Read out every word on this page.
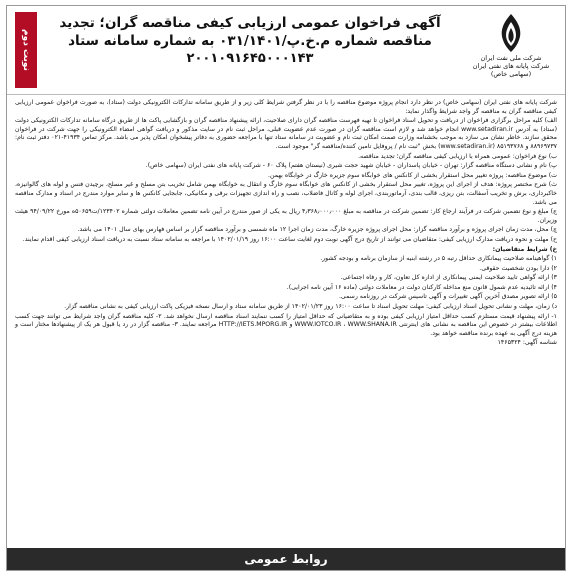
نوبت دوم
آگهی فراخوان عمومی ارزیابی کیفی مناقصه گران؛ تجدید
مناقصه شماره م.خ.پ/۰۳۱/۱۴۰۱ به شماره سامانه ستاد
۲۰۰۱۰۹۱۶۴۵۰۰۰۱۴۳	شرکت ملی نفت ایران
شرکت پایانه های نفتی ایران (سهامی خاص)

شرکت پایانه های نفتی ایران (سهامی خاص) در نظر دارد انجام پروژه موضوع مناقصه را با در نظر گرفتن شرایط کلی زیر و از طریق سامانه تدارکات الکترونیکی دولت (ستاد)، به صورت فراخوان عمومی ارزیابی کیفی مناقصه گران به مناقصه گر واجد شرایط واگذار نماید:

الف) کلیه مراحل برگزاری فراخوان از دریافت و تحویل اسناد فراخوان تا تهیه فهرست مناقصه گران دارای صلاحیت، ارائه پیشنهاد مناقصه گران و بازگشایی پاکت ها از طریق درگاه سامانه تدارکات الکترونیکی دولت (ستاد) به آدرس www.setadiran.ir انجام خواهد شد و لازم است مناقصه گران در صورت عدم عضویت قبلی، مراحل ثبت نام در سایت مذکور و دریافت گواهی امضاء الکترونیکی را جهت شرکت در فراخوان محقق سازند. خاطر نشان می سازد به موجب بخشنامه وزارت صمت امکان ثبت نام و عضویت در سامانه ستاد تنها با مراجعه حضوری به دفاتر پیشخوان امکان پذیر می باشد. مرکز تماس ۴۱۹۳۴-۰۲۱ دفتر ثبت نام: ۸۸۹۶۹۷۳۷ و ۸۵۱۹۳۷۶۸ (www.setadiran.ir) بخش "ثبت نام / پروفایل تامین کننده/مناقصه گر" موجود است.

ب) نوع فراخوان: عمومی همراه با ارزیابی کیفی مناقصه گران؛ تجدید مناقصه.

پ) نام و نشانی دستگاه مناقصه گزار: تهران - خیابان پاسداران - خیابان شهید حجت شیری (نیستان هفتم) پلاک ۶۰ - شرکت پایانه های نفتی ایران (سهامی خاص).

ت) موضوع مناقصه: پروژه تغییر محل استقرار بخشی از کانکس های خوابگاه سوم جزیره خارگ در خوابگاه بهمن.

ث) شرح مختصر پروژه: هدف از اجرای این پروژه، تغییر محل استقرار بخشی از کانکس های خوابگاه سوم خارگ و انتقال به خوابگاه بهمن شامل تخریب بتن مسلح و غیر مسلح، برچیدن فنس و لوله های گالوانیزه، خاکبرداری، برش و تخریب آسفالت، بتن ریزی، قالب بندی، آرماتوربندی، اجرای لوله و کانال فاضلاب، نصب و راه اندازی تجهیزات برقی و مکانیکی، جابجایی کانکس ها و سایر موارد مندرج در اسناد و مدارک مناقصه می باشد.

ج) مبلغ و نوع تضمین شرکت در فرآیند ارجاع کار: تضمین شرکت در مناقصه به مبلغ ۴٫۳۶۸٫۰۰۰٫۰۰۰ ریال به یکی از صور مندرج در آیین نامه تضمین معاملات دولتی شماره ۱۲۳۴۰۲/ت۵۰۶۵۹ه مورخ ۹۴/۰۹/۲۲ هیئت وزیران.

چ) محل، مدت زمان اجرای پروژه و برآورد مناقصه گزار: محل اجرای پروژه جزیره خارگ، مدت زمان اجرا ۱۲ ماه شمسی و برآورد مناقصه گزار بر اساس فهارس بهای سال ۱۴۰۱ می باشد.

ح) مهلت و نحوه دریافت مدارک ارزیابی کیفی: متقاضیان می توانند از تاریخ درج آگهی نوبت دوم لغایت ساعت ۱۶:۰۰ روز ۱۴۰۲/۰۱/۱۹ با مراجعه به سامانه ستاد نسبت به دریافت اسناد ارزیابی کیفی اقدام نمایند.

خ) شرایط متقاضیان:

۱) گواهینامه صلاحیت پیمانکاری حداقل رتبه ۵ در رشته ابنیه از سازمان برنامه و بودجه کشور.

۲) دارا بودن شخصیت حقوقی.

۳) ارائه گواهی تایید صلاحیت ایمنی پیمانکاری از اداره کل تعاون، کار و رفاه اجتماعی.

۴) ارائه تائیدیه عدم شمول قانون منع مداخله کارکنان دولت در معاملات دولتی (ماده ۱۶ آیین نامه اجرایی).

۵) ارائه تصویر مصدق آخرین آگهی تغییرات و آگهی تاسیس شرکت در روزنامه رسمی.

د) زمان، مهلت و نشانی تحویل اسناد ارزیابی کیفی: مهلت تحویل اسناد تا ساعت ۱۶:۰۰ روز ۱۴۰۲/۰۱/۲۳ از طریق سامانه ستاد و ارسال نسخه فیزیکی پاکت ارزیابی کیفی به نشانی مناقصه گزار.

۱- ارائه پیشنهاد قیمت مستلزم کسب حداقل امتیاز ارزیابی کیفی بوده و به متقاضیانی که حداقل امتیاز را کسب ننمایند اسناد مناقصه ارسال نخواهد شد. ۲- کلیه مناقصه گران واجد شرایط می توانند جهت کسب اطلاعات بیشتر در خصوص این مناقصه به نشانی های اینترنتی WWW.IOTCO.IR ، WWW.SHANA.IR و HTTP://IETS.MPORG.IR مراجعه نمایند. ۳- مناقصه گزار در رد یا قبول هر یک از پیشنهادها مختار است و هزینه درج آگهی به عهده برنده مناقصه خواهد بود.

شناسه آگهی: ۱۴۶۵۳۲۴

روابط عمومی
